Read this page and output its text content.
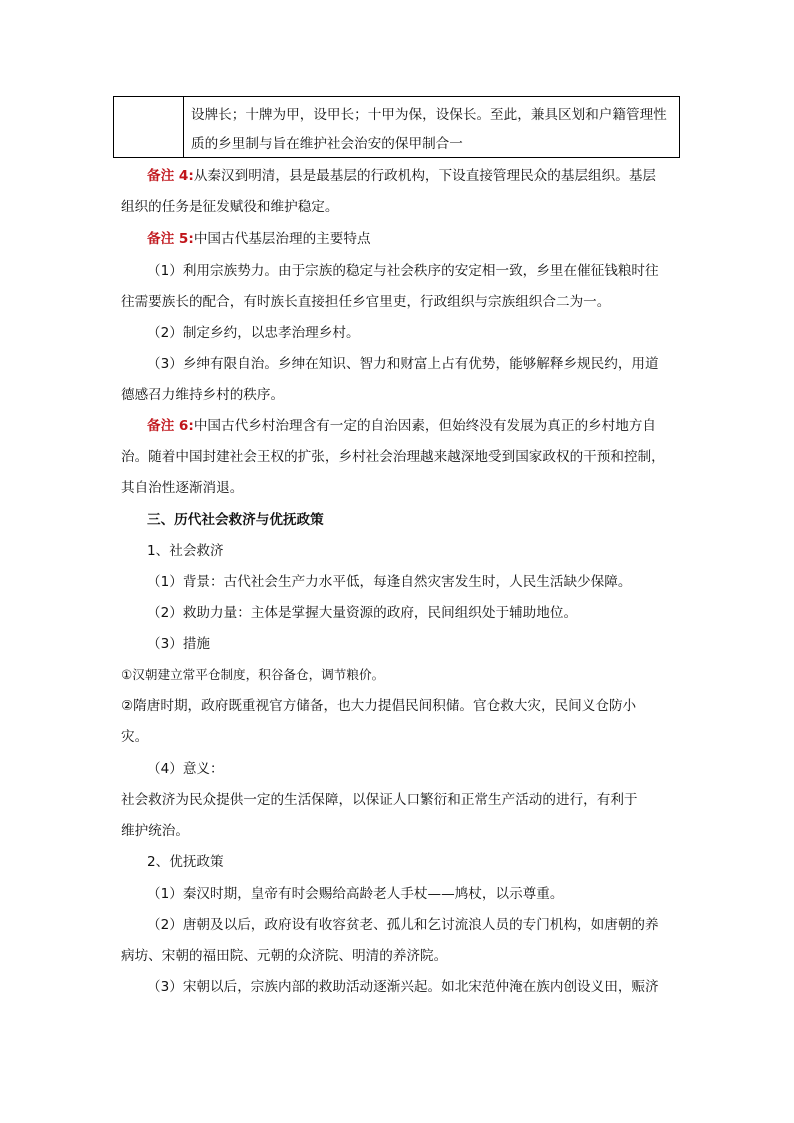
设牌长；十牌为甲，设甲长；十甲为保，设保长。至此，兼具区划和户籍管理性
质的乡里制与旨在维护社会治安的保甲制合一
备注 4:从秦汉到明清，县是最基层的行政机构，下设直接管理民众的基层组织。基层
组织的任务是征发赋役和维护稳定。
备注 5:中国古代基层治理的主要特点
（1）利用宗族势力。由于宗族的稳定与社会秩序的安定相一致，乡里在催征钱粮时往
往需要族长的配合，有时族长直接担任乡官里吏，行政组织与宗族组织合二为一。
（2）制定乡约，以忠孝治理乡村。
（3）乡绅有限自治。乡绅在知识、智力和财富上占有优势，能够解释乡规民约，用道
德感召力维持乡村的秩序。
备注 6:中国古代乡村治理含有一定的自治因素，但始终没有发展为真正的乡村地方自
治。随着中国封建社会王权的扩张，乡村社会治理越来越深地受到国家政权的干预和控制，
其自治性逐渐消退。
三、历代社会救济与优抚政策
1、社会救济
（1）背景：古代社会生产力水平低，每逢自然灾害发生时，人民生活缺少保障。
（2）救助力量：主体是掌握大量资源的政府，民间组织处于辅助地位。
（3）措施
①汉朝建立常平仓制度，积谷备仓，调节粮价。
②隋唐时期，政府既重视官方储备，也大力提倡民间积储。官仓救大灾，民间义仓防小
灾。
（4）意义：
社会救济为民众提供一定的生活保障，以保证人口繁衍和正常生产活动的进行，有利于
维护统治。
2、优抚政策
（1）秦汉时期，皇帝有时会赐给高龄老人手杖——鸠杖，以示尊重。
（2）唐朝及以后，政府设有收容贫老、孤儿和乞讨流浪人员的专门机构，如唐朝的养
病坊、宋朝的福田院、元朝的众济院、明清的养济院。
（3）宋朝以后，宗族内部的救助活动逐渐兴起。如北宋范仲淹在族内创设义田，赈济
